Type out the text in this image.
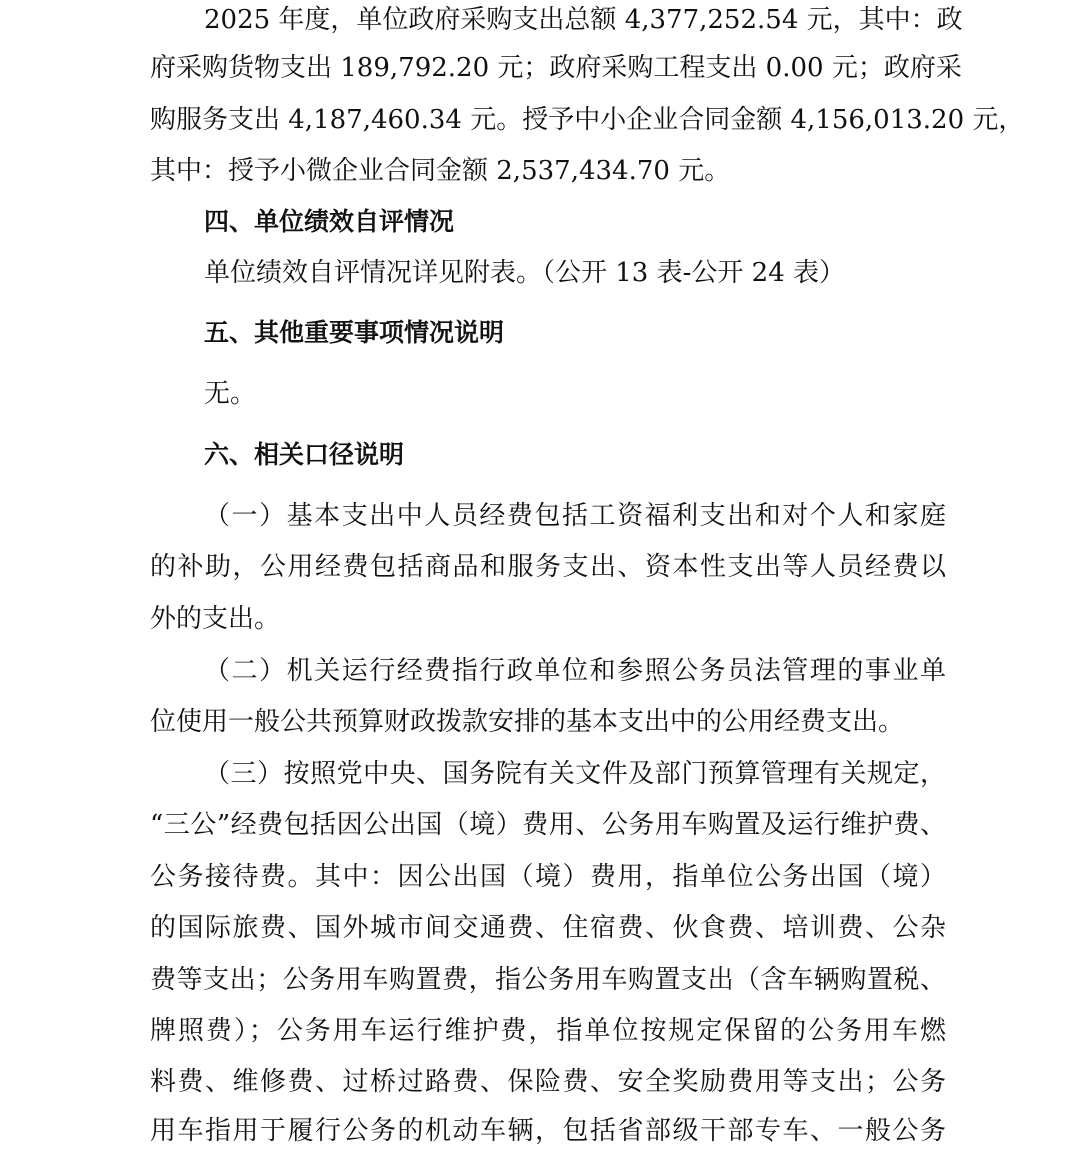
2025 年度，单位政府采购支出总额 4,377,252.54 元，其中：政
府采购货物支出 189,792.20 元；政府采购工程支出 0.00 元；政府采
购服务支出 4,187,460.34 元。授予中小企业合同金额 4,156,013.20 元，
其中：授予小微企业合同金额 2,537,434.70 元。
四、单位绩效自评情况
单位绩效自评情况详见附表。（公开 13 表-公开 24 表）
五、其他重要事项情况说明
无。
六、相关口径说明
（一）基本支出中人员经费包括工资福利支出和对个人和家庭
的补助，公用经费包括商品和服务支出、资本性支出等人员经费以
外的支出。
（二）机关运行经费指行政单位和参照公务员法管理的事业单
位使用一般公共预算财政拨款安排的基本支出中的公用经费支出。
（三）按照党中央、国务院有关文件及部门预算管理有关规定，
“三公”经费包括因公出国（境）费用、公务用车购置及运行维护费、
公务接待费。其中：因公出国（境）费用，指单位公务出国（境）
的国际旅费、国外城市间交通费、住宿费、伙食费、培训费、公杂
费等支出；公务用车购置费，指公务用车购置支出（含车辆购置税、
牌照费）；公务用车运行维护费，指单位按规定保留的公务用车燃
料费、维修费、过桥过路费、保险费、安全奖励费用等支出；公务
用车指用于履行公务的机动车辆，包括省部级干部专车、一般公务
